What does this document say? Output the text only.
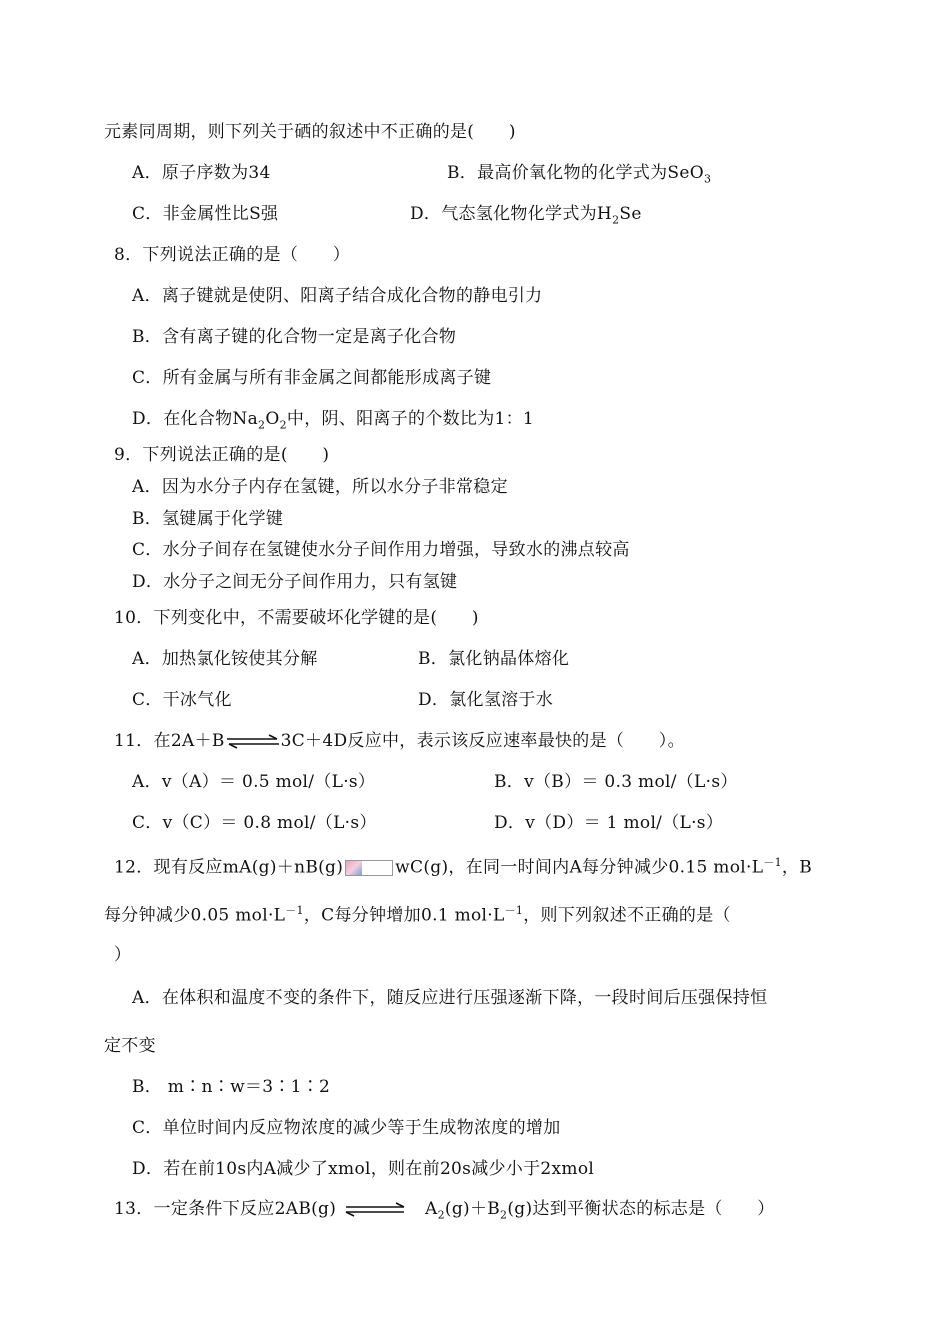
元素同周期，则下列关于硒的叙述中不正确的是(　　)
A．原子序数为34	B．最高价氧化物的化学式为SeO$_3$
C．非金属性比S强	D．气态氢化物化学式为$H_2Se$
8．下列说法正确的是（　　）
A．离子键就是使阴、阳离子结合成化合物的静电引力
B．含有离子键的化合物一定是离子化合物
C．所有金属与所有非金属之间都能形成离子键
D．在化合物$Na_2O_2$中，阴、阳离子的个数比为1：1
9．下列说法正确的是(　　)
A．因为水分子内存在氢键，所以水分子非常稳定
B．氢键属于化学键
C．水分子间存在氢键使水分子间作用力增强，导致水的沸点较高
D．水分子之间无分子间作用力，只有氢键
10．下列变化中，不需要破坏化学键的是(　　)
A．加热氯化铵使其分解	B．氯化钠晶体熔化
C．干冰气化	D．氯化氢溶于水
11．在2A＋B⇌3C＋4D反应中，表示该反应速率最快的是（　　）。
A．v（A）＝ 0.5 mol/（L·s）	B．v（B）＝ 0.3 mol/（L·s）
C．v（C）＝ 0.8 mol/（L·s）	D．v（D）＝ 1 mol/（L·s）
12．现有反应mA(g)＋nB(g)	wC(g)，在同一时间内A每分钟减少0.15 $mol\cdot L^{-1}$，B
每分钟减少0.05 $mol\cdot L^{-1}$，C每分钟增加0.1 $mol\cdot L^{-1}$，则下列叙述不正确的是（
）
A．在体积和温度不变的条件下，随反应进行压强逐渐下降，一段时间后压强保持恒
定不变
B． m∶n∶w＝3∶1∶2
C．单位时间内反应物浓度的减少等于生成物浓度的增加
D．若在前10s内A减少了xmol，则在前20s减少小于2xmol
13．一定条件下反应2AB(g) ⇌ $A_2(g)+B_2(g)$达到平衡状态的标志是（　　）
